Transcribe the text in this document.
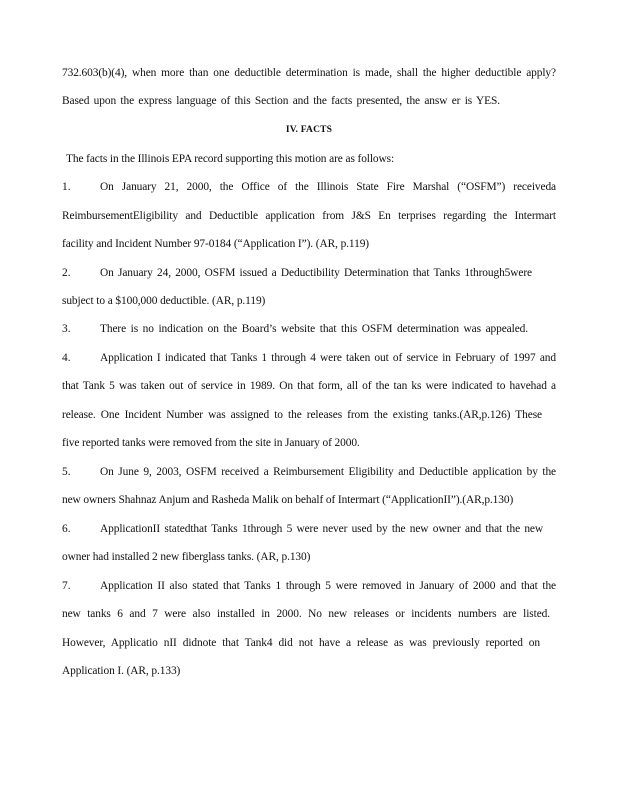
732.603(b)(4), when more than one deductible determination is made, shall the higher deductible apply?
Based upon the express language of this Section and the facts presented, the answ er is YES.
IV. FACTS
The facts in the Illinois EPA record supporting this motion are as follows:
1.	On January 21, 2000, the Office of the Illinois State Fire Marshal (“OSFM”) receiveda
ReimbursementEligibility and Deductible application from J&S En terprises regarding the Intermart
facility and Incident Number 97-0184 (“Application I”). (AR, p.119)
2.	On January 24, 2000, OSFM issued a Deductibility Determination that Tanks 1through5were
subject to a $100,000 deductible. (AR, p.119)
3.	There is no indication on the Board’s website that this OSFM determination was appealed.
4.	Application I indicated that Tanks 1 through 4 were taken out of service in February of 1997 and
that Tank 5 was taken out of service in 1989. On that form, all of the tan ks were indicated to havehad a
release. One Incident Number was assigned to the releases from the existing tanks.(AR,p.126) These
five reported tanks were removed from the site in January of 2000.
5.	On June 9, 2003, OSFM received a Reimbursement Eligibility and Deductible application by the
new owners Shahnaz Anjum and Rasheda Malik on behalf of Intermart (“ApplicationII”).(AR,p.130)
6.	ApplicationII statedthat Tanks 1through 5 were never used by the new owner and that the new
owner had installed 2 new fiberglass tanks. (AR, p.130)
7.	Application II also stated that Tanks 1 through 5 were removed in January of 2000 and that the
new tanks 6 and 7 were also installed in 2000. No new releases or incidents numbers are listed.
However, Applicatio nII didnote that Tank4 did not have a release as was previously reported on
Application I. (AR, p.133)
